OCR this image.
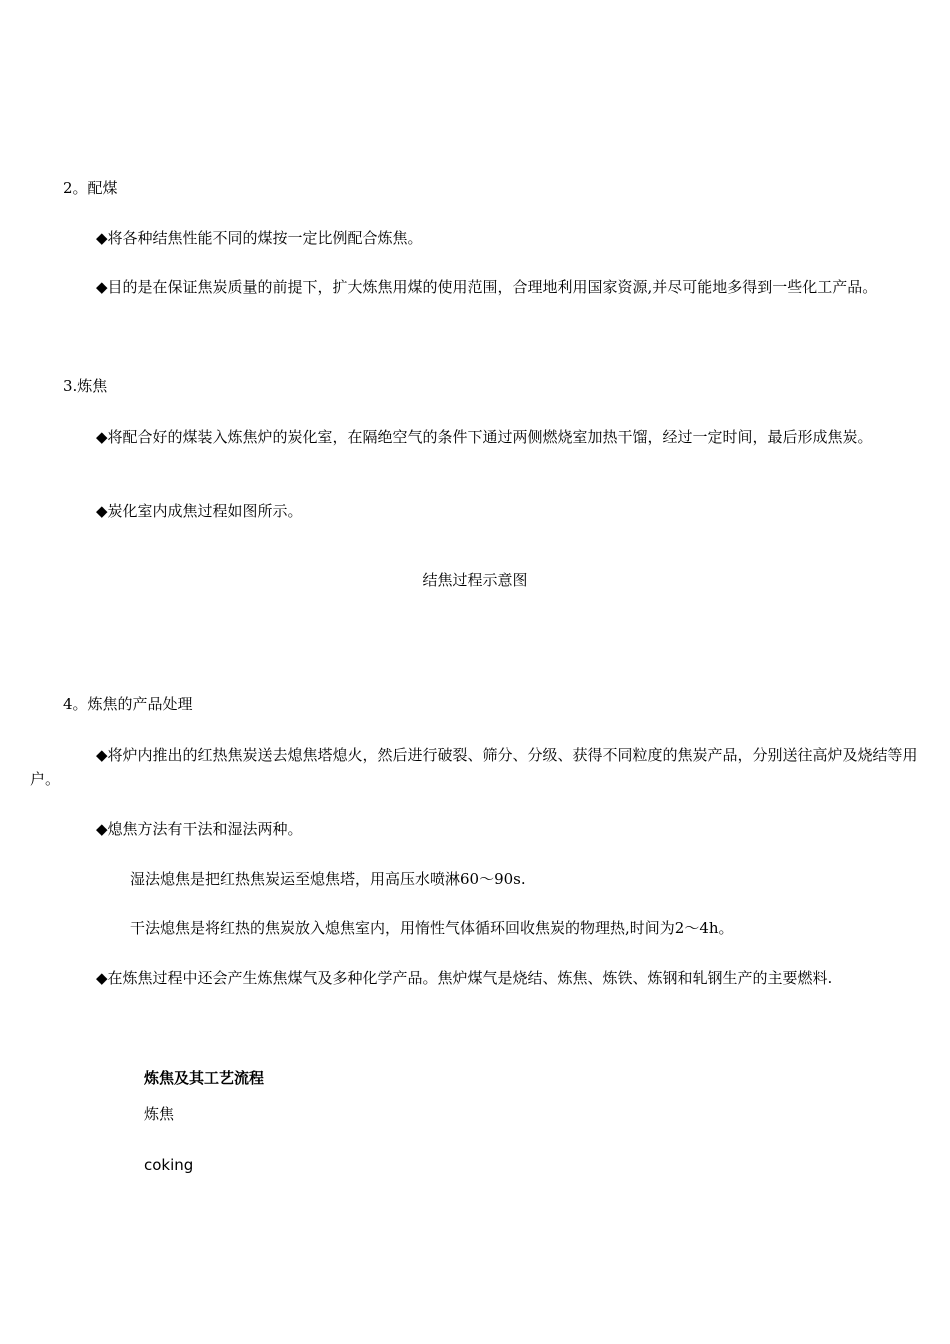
2。配煤
◆将各种结焦性能不同的煤按一定比例配合炼焦。
◆目的是在保证焦炭质量的前提下，扩大炼焦用煤的使用范围，合理地利用国家资源,并尽可能地多得到一些化工产品。
3.炼焦
◆将配合好的煤装入炼焦炉的炭化室，在隔绝空气的条件下通过两侧燃烧室加热干馏，经过一定时间，最后形成焦炭。
◆炭化室内成焦过程如图所示。
结焦过程示意图
4。炼焦的产品处理
◆将炉内推出的红热焦炭送去熄焦塔熄火，然后进行破裂、筛分、分级、获得不同粒度的焦炭产品，分别送往高炉及烧结等用户。
◆熄焦方法有干法和湿法两种。
湿法熄焦是把红热焦炭运至熄焦塔，用高压水喷淋60～90s.
干法熄焦是将红热的焦炭放入熄焦室内，用惰性气体循环回收焦炭的物理热,时间为2～4h。
◆在炼焦过程中还会产生炼焦煤气及多种化学产品。焦炉煤气是烧结、炼焦、炼铁、炼钢和轧钢生产的主要燃料.
炼焦及其工艺流程
炼焦
coking
